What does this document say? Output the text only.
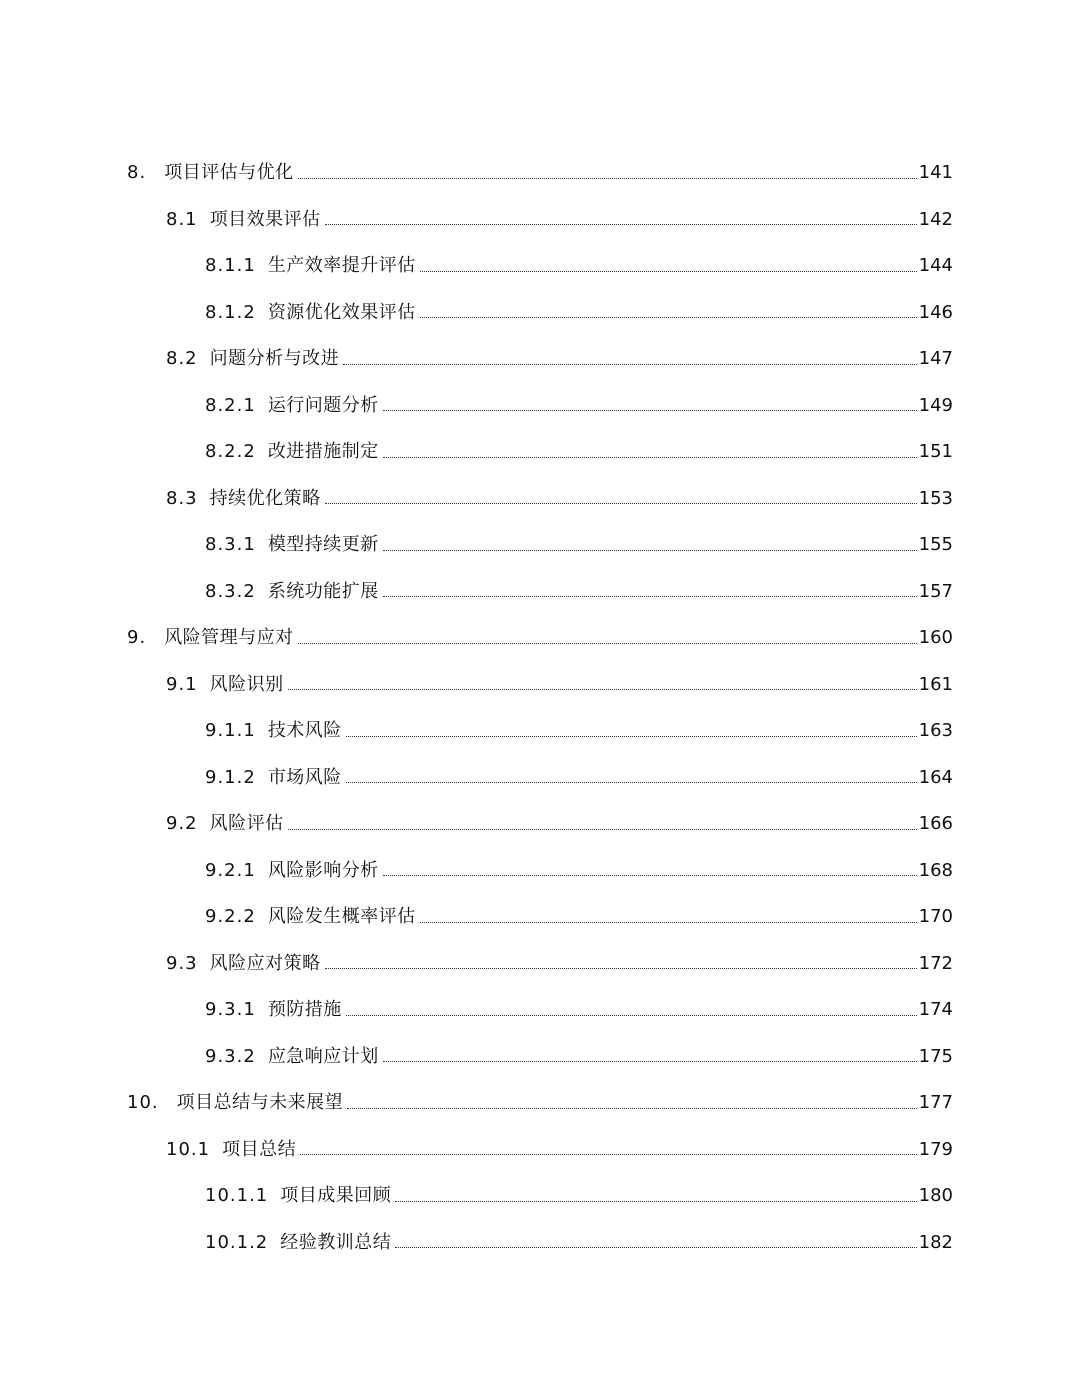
8. 项目评估与优化	141
8.1 项目效果评估	142
8.1.1 生产效率提升评估	144
8.1.2 资源优化效果评估	146
8.2 问题分析与改进	147
8.2.1 运行问题分析	149
8.2.2 改进措施制定	151
8.3 持续优化策略	153
8.3.1 模型持续更新	155
8.3.2 系统功能扩展	157
9. 风险管理与应对	160
9.1 风险识别	161
9.1.1 技术风险	163
9.1.2 市场风险	164
9.2 风险评估	166
9.2.1 风险影响分析	168
9.2.2 风险发生概率评估	170
9.3 风险应对策略	172
9.3.1 预防措施	174
9.3.2 应急响应计划	175
10. 项目总结与未来展望	177
10.1 项目总结	179
10.1.1 项目成果回顾	180
10.1.2 经验教训总结	182
